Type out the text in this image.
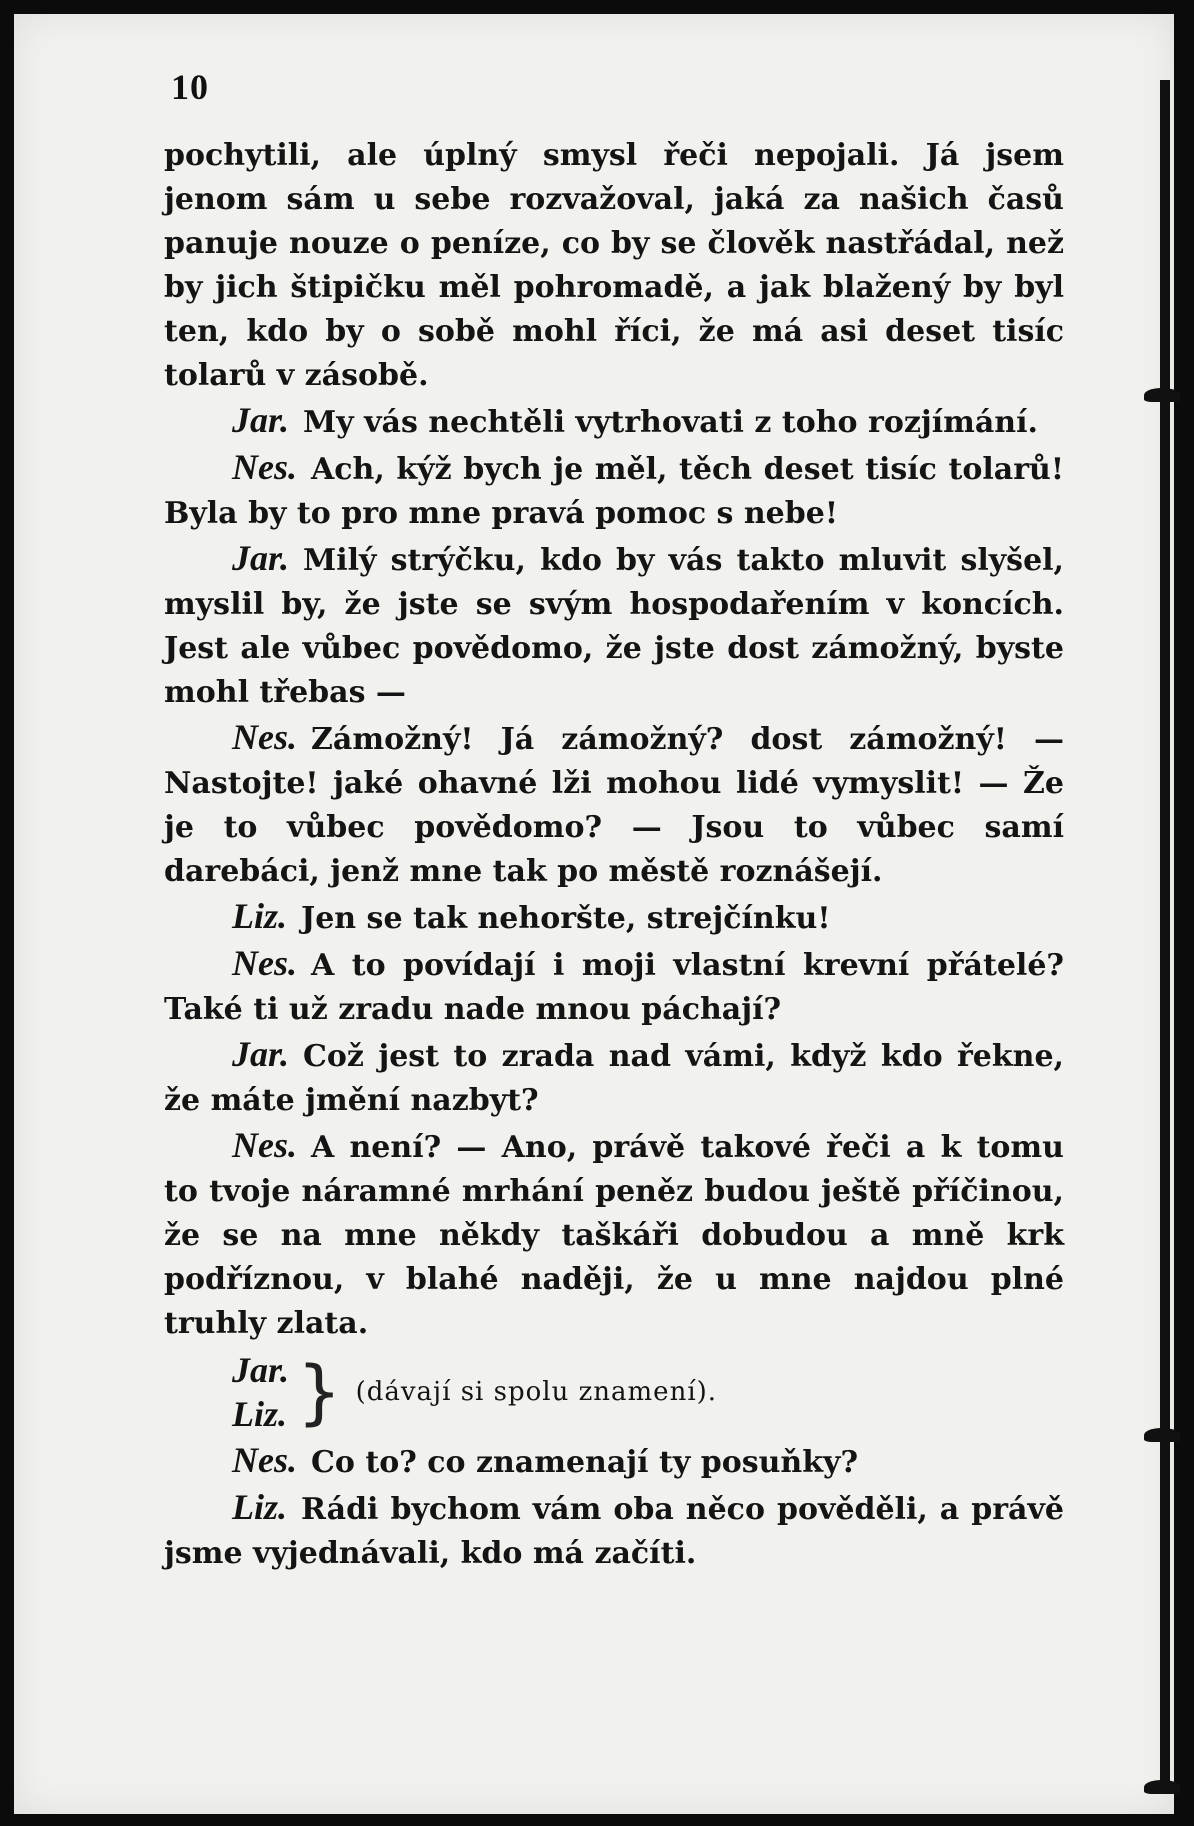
10

pochytili, ale úplný smysl řeči nepojali. Já jsem jenom sám u sebe rozvažoval, jaká za našich časů panuje nouze o peníze, co by se člověk nastřádal, než by jich štipičku měl pohromadě, a jak blažený by byl ten, kdo by o sobě mohl říci, že má asi deset tisíc tolarů v zásobě.

Jar. My vás nechtěli vytrhovati z toho rozjímání.

Nes. Ach, kýž bych je měl, těch deset tisíc tolarů! Byla by to pro mne pravá pomoc s nebe!

Jar. Milý strýčku, kdo by vás takto mluvit slyšel, myslil by, že jste se svým hospodařením v koncích. Jest ale vůbec povědomo, že jste dost zámožný, byste mohl třebas —

Nes. Zámožný! Já zámožný? dost zámožný! — Nastojte! jaké ohavné lži mohou lidé vymyslit! — Že je to vůbec povědomo? — Jsou to vůbec samí darebáci, jenž mne tak po městě roznášejí.

Liz. Jen se tak nehoršte, strejčínku!

Nes. A to povídají i moji vlastní krevní přátelé? Také ti už zradu nade mnou páchají?

Jar. Což jest to zrada nad vámi, když kdo řekne, že máte jmění nazbyt?

Nes. A není? — Ano, právě takové řeči a k tomu to tvoje náramné mrhání peněz budou ještě příčinou, že se na mne někdy taškáři dobudou a mně krk podříznou, v blahé naději, že u mne najdou plné truhly zlata.

Jar.
Liz. } (dávají si spolu znamení).

Nes. Co to? co znamenají ty posuňky?

Liz. Rádi bychom vám oba něco pověděli, a právě jsme vyjednávali, kdo má začíti.
